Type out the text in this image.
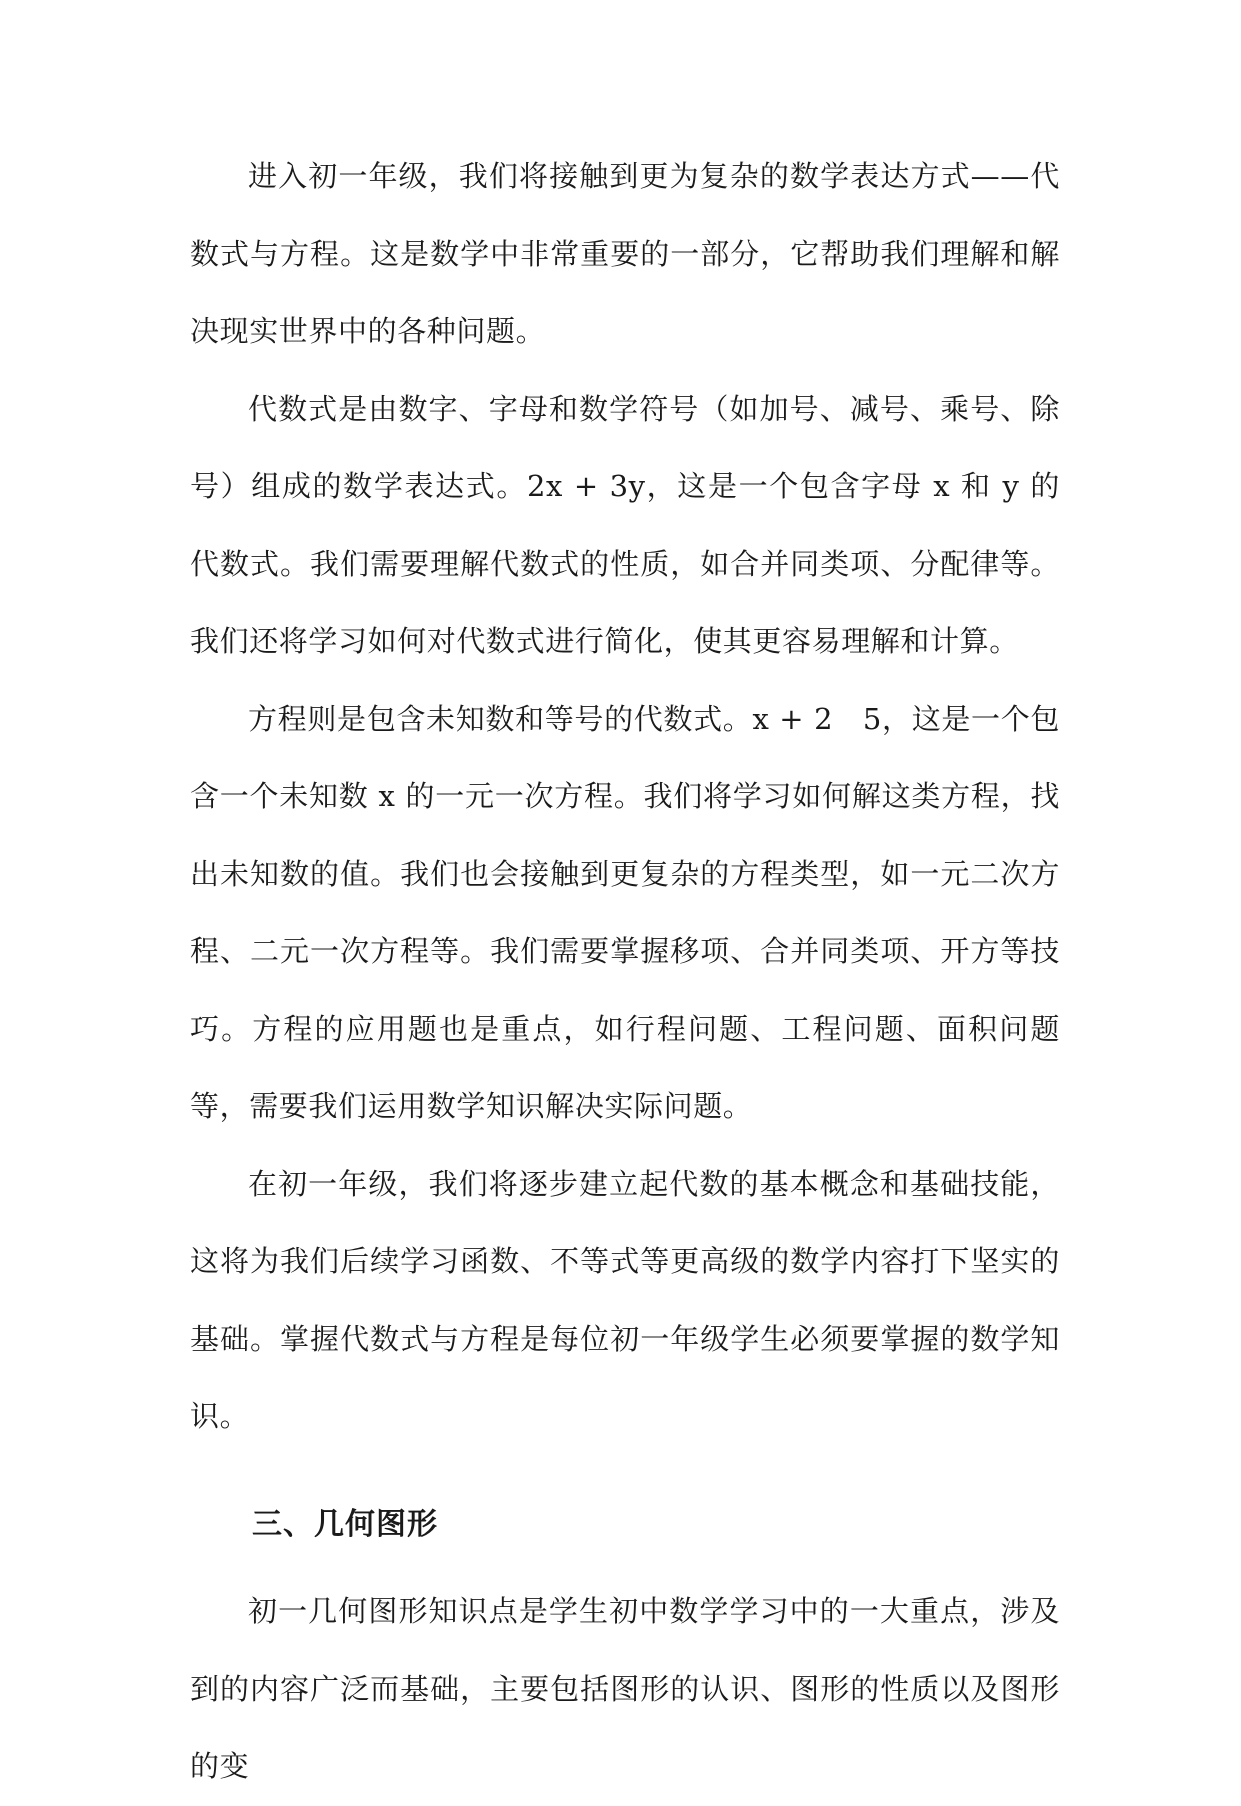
进入初一年级，我们将接触到更为复杂的数学表达方式——代数式与方程。这是数学中非常重要的一部分，它帮助我们理解和解决现实世界中的各种问题。

代数式是由数字、字母和数学符号（如加号、减号、乘号、除号）组成的数学表达式。2x + 3y，这是一个包含字母 x 和 y 的代数式。我们需要理解代数式的性质，如合并同类项、分配律等。我们还将学习如何对代数式进行简化，使其更容易理解和计算。

方程则是包含未知数和等号的代数式。x + 2　5，这是一个包含一个未知数 x 的一元一次方程。我们将学习如何解这类方程，找出未知数的值。我们也会接触到更复杂的方程类型，如一元二次方程、二元一次方程等。我们需要掌握移项、合并同类项、开方等技巧。方程的应用题也是重点，如行程问题、工程问题、面积问题等，需要我们运用数学知识解决实际问题。

在初一年级，我们将逐步建立起代数的基本概念和基础技能，这将为我们后续学习函数、不等式等更高级的数学内容打下坚实的基础。掌握代数式与方程是每位初一年级学生必须要掌握的数学知识。

三、几何图形

初一几何图形知识点是学生初中数学学习中的一大重点，涉及到的内容广泛而基础，主要包括图形的认识、图形的性质以及图形的变
